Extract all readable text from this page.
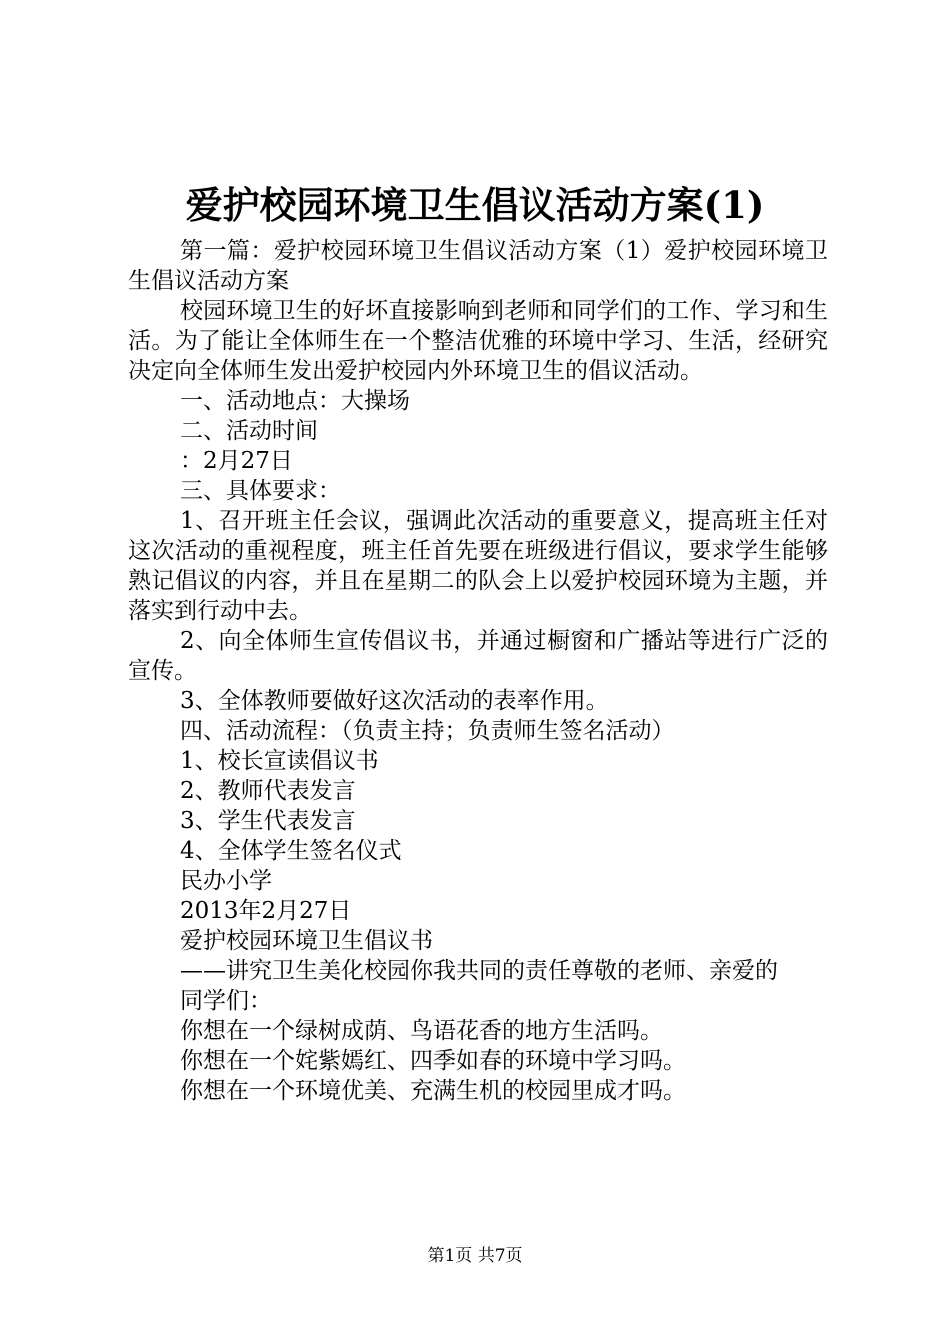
爱护校园环境卫生倡议活动方案(1)

第一篇：爱护校园环境卫生倡议活动方案（1）爱护校园环境卫生倡议活动方案

校园环境卫生的好坏直接影响到老师和同学们的工作、学习和生活。为了能让全体师生在一个整洁优雅的环境中学习、生活，经研究决定向全体师生发出爱护校园内外环境卫生的倡议活动。

一、活动地点：大操场

二、活动时间

：2月27日

三、具体要求：

1、召开班主任会议，强调此次活动的重要意义，提高班主任对这次活动的重视程度，班主任首先要在班级进行倡议，要求学生能够熟记倡议的内容，并且在星期二的队会上以爱护校园环境为主题，并落实到行动中去。

2、向全体师生宣传倡议书，并通过橱窗和广播站等进行广泛的宣传。

3、全体教师要做好这次活动的表率作用。

四、活动流程：（负责主持；负责师生签名活动）

1、校长宣读倡议书

2、教师代表发言

3、学生代表发言

4、全体学生签名仪式

民办小学

2013年2月27日

爱护校园环境卫生倡议书

——讲究卫生美化校园你我共同的责任尊敬的老师、亲爱的

同学们：

你想在一个绿树成荫、鸟语花香的地方生活吗。

你想在一个姹紫嫣红、四季如春的环境中学习吗。

你想在一个环境优美、充满生机的校园里成才吗。

第1页 共7页
